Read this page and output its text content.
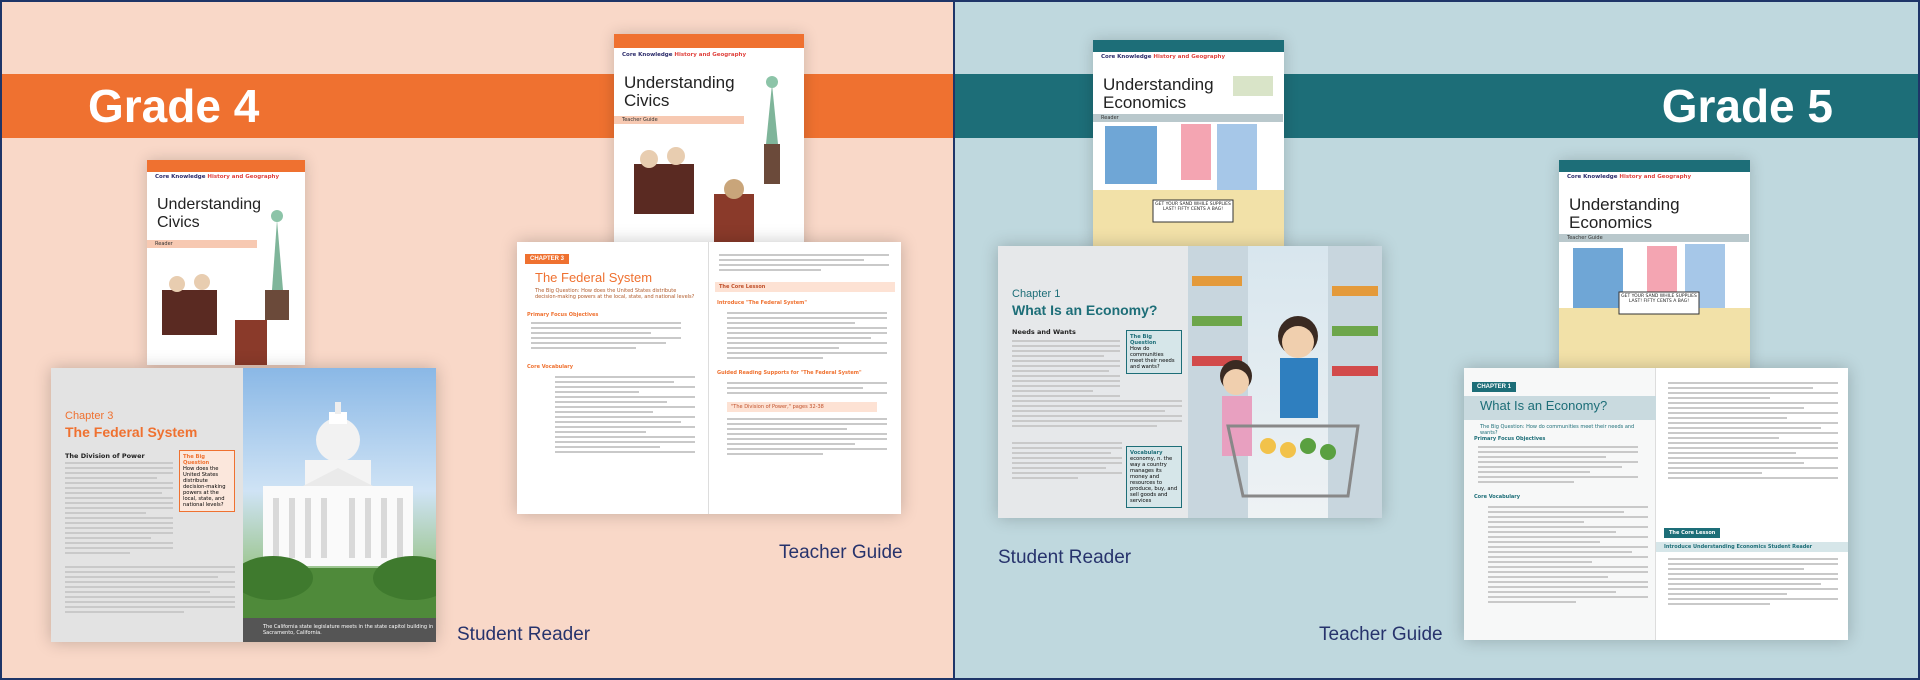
Grade 4	Grade 5
Core Knowledge History and Geography
Understanding
Civics
Teacher Guide
Core Knowledge History and Geography
Understanding
Civics
Reader
CHAPTER 3
The Federal System
The Big Question: How does the United States distribute decision-making powers at the local, state, and national levels?
Primary Focus Objectives
Core Vocabulary
The Core Lesson
Introduce "The Federal System"
Guided Reading Supports for "The Federal System"
"The Division of Power," pages 32-38
Teacher Guide
Chapter 3
The Federal System
The Big Question
How does the United States distribute decision-making powers at the local, state, and national levels?
The Division of Power
The California state legislature meets in the state capitol building in Sacramento, California.	Student Reader
Core Knowledge History and Geography
Understanding
Economics
Reader
GET YOUR SAND WHILE SUPPLIES LAST! FIFTY CENTS A BAG!
Core Knowledge History and Geography
Understanding
Economics
Teacher Guide
GET YOUR SAND WHILE SUPPLIES LAST! FIFTY CENTS A BAG!
Chapter 1
What Is an Economy?
Needs and Wants
The Big Question
How do communities meet their needs and wants?
Vocabulary
economy, n. the way a country manages its money and resources to produce, buy, and sell goods and services
Student Reader
CHAPTER 1
What Is an Economy?
The Big Question: How do communities meet their needs and wants?
Primary Focus Objectives
Core Vocabulary
The Core Lesson
Introduce Understanding Economics Student Reader
Teacher Guide
